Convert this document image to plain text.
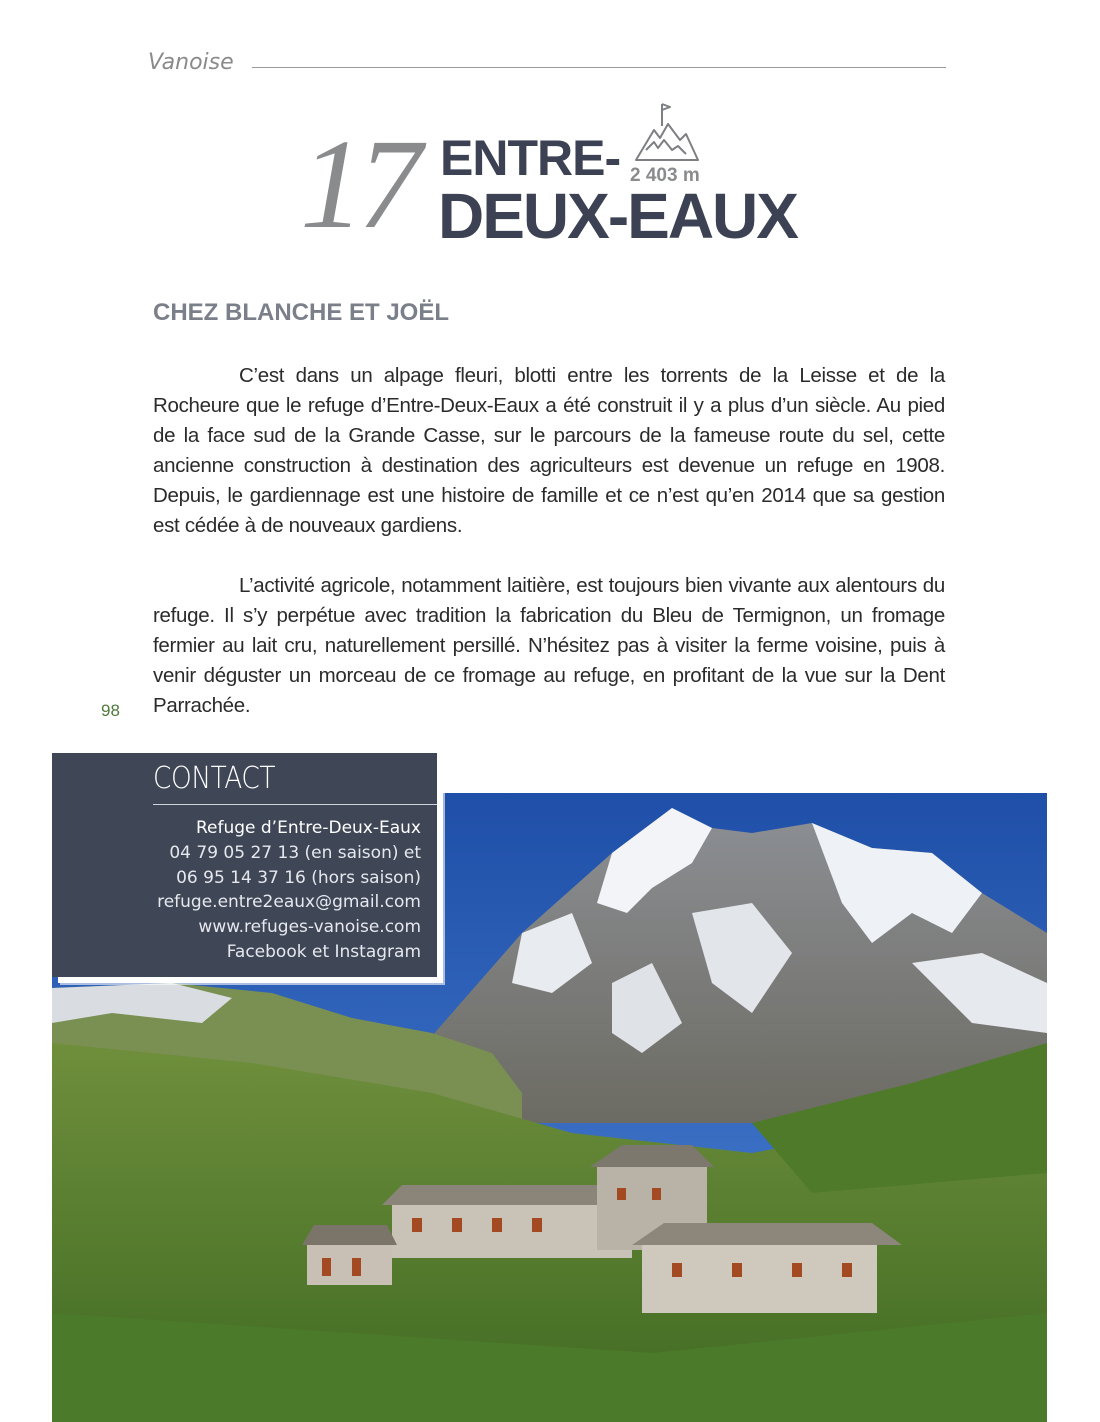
Vanoise
17 ENTRE-
DEUX-EAUX
2 403 m
CHEZ BLANCHE ET JOËL

C’est dans un alpage fleuri, blotti entre les torrents de la Leisse et de la Rocheure que le refuge d’Entre-Deux-Eaux a été construit il y a plus d’un siècle. Au pied de la face sud de la Grande Casse, sur le parcours de la fameuse route du sel, cette ancienne construction à destination des agriculteurs est devenue un refuge en 1908. Depuis, le gardiennage est une histoire de famille et ce n’est qu’en 2014 que sa gestion est cédée à de nouveaux gardiens.

L’activité agricole, notamment laitière, est toujours bien vivante aux alentours du refuge. Il s’y perpétue avec tradition la fabrication du Bleu de Termignon, un fromage fermier au lait cru, naturellement persillé. N’hésitez pas à visiter la ferme voisine, puis à venir déguster un morceau de ce fromage au refuge, en profitant de la vue sur la Dent Parrachée.

98
CONTACT
Refuge d’Entre-Deux-Eaux
04 79 05 27 13 (en saison) et
06 95 14 37 16 (hors saison)
refuge.entre2eaux@gmail.com
www.refuges-vanoise.com
Facebook et Instagram
